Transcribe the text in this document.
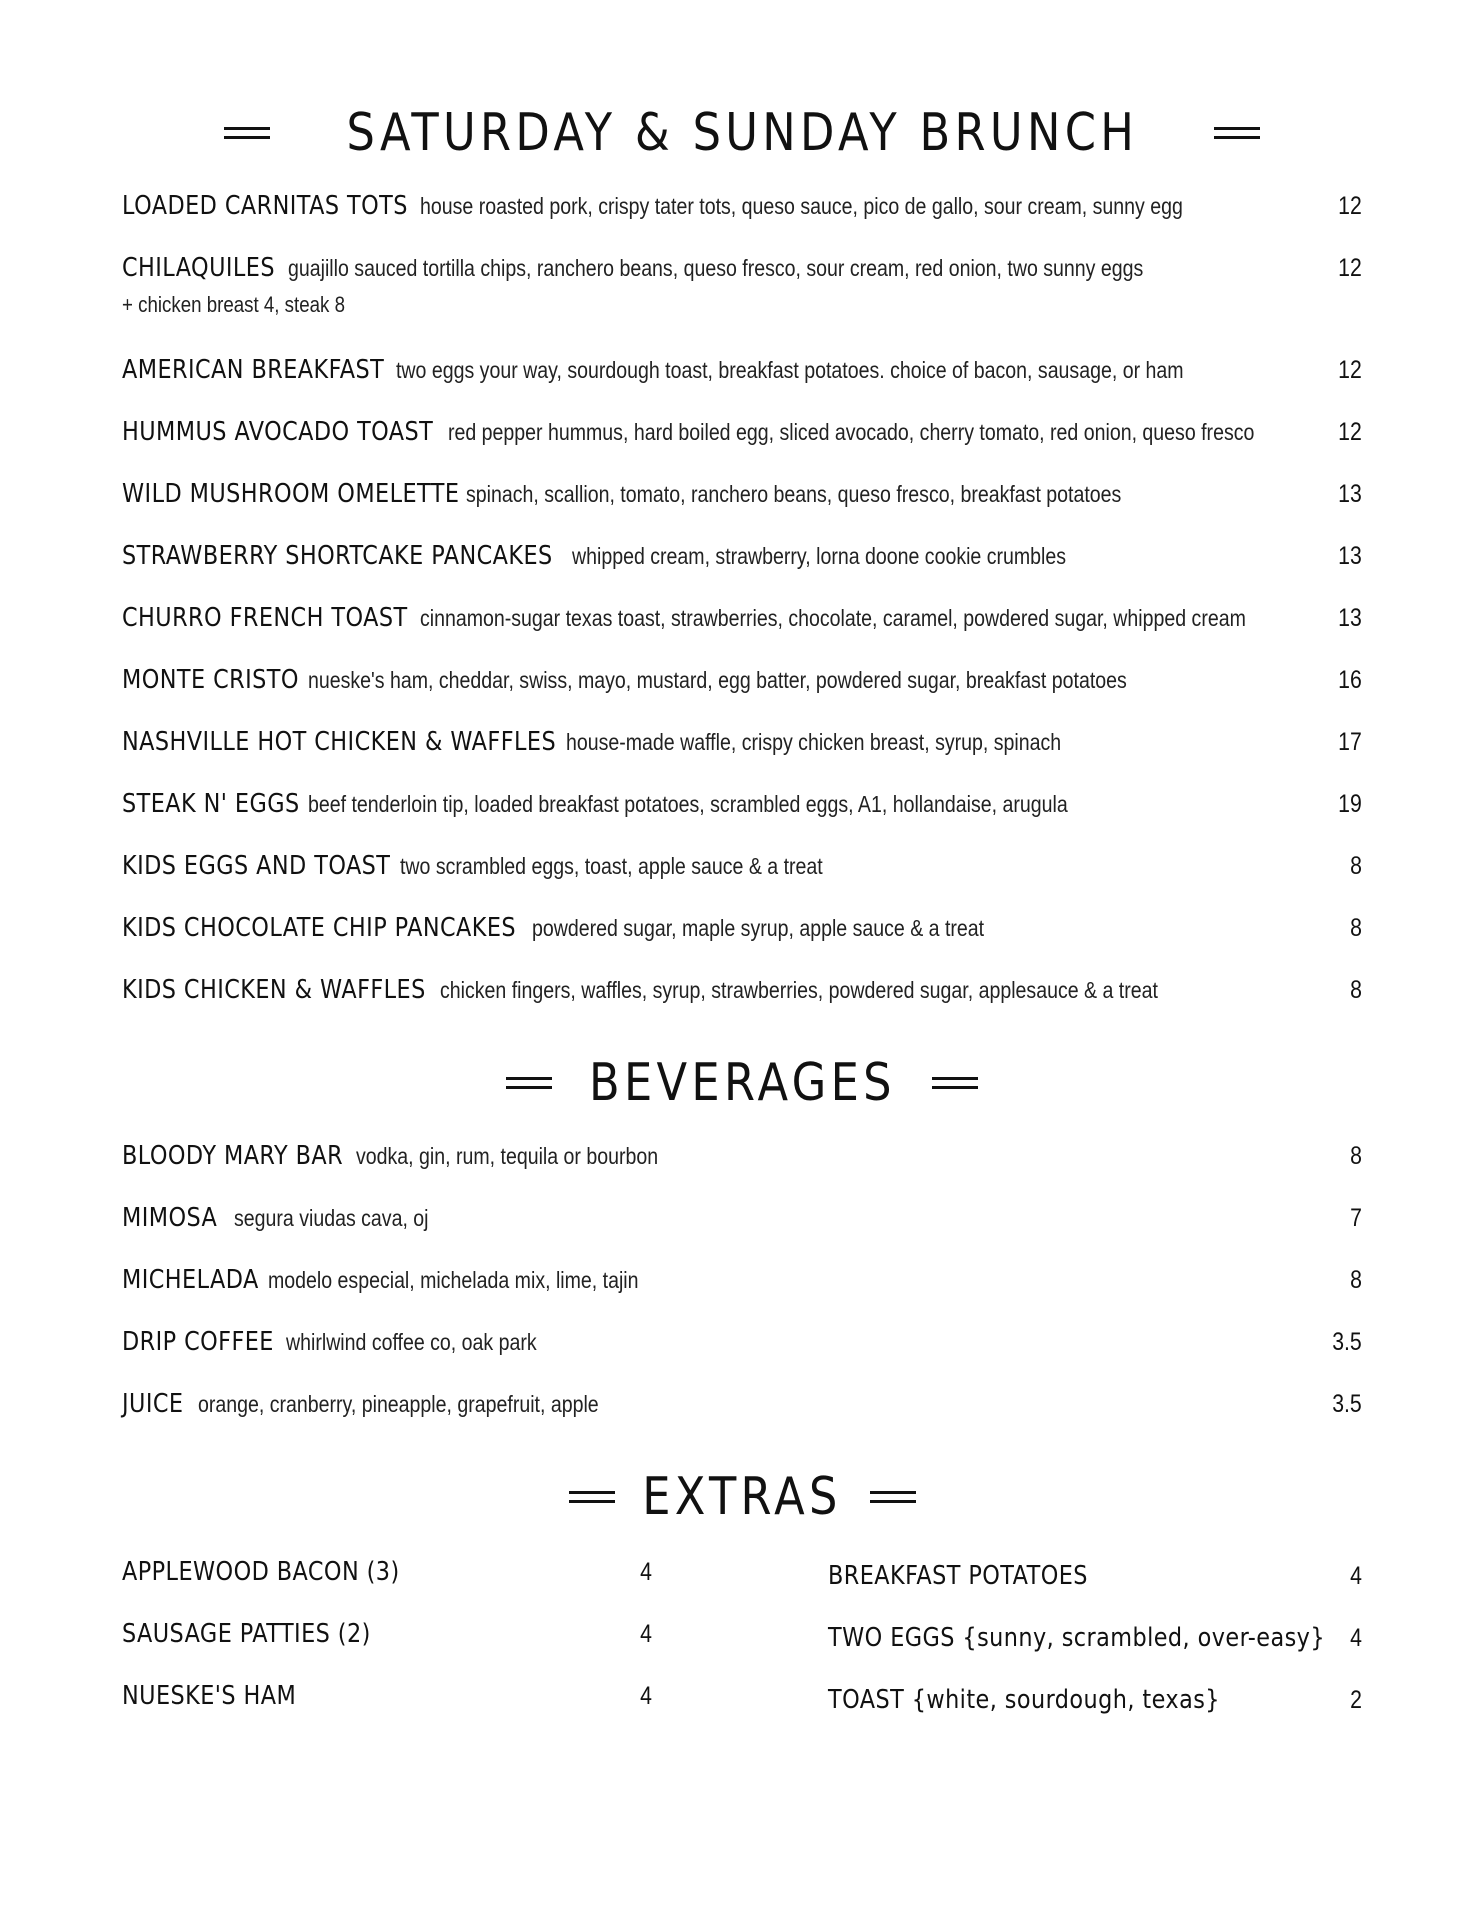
SATURDAY & SUNDAY BRUNCH
LOADED CARNITAS TOTS house roasted pork, crispy tater tots, queso sauce, pico de gallo, sour cream, sunny egg	12
CHILAQUILES guajillo sauced tortilla chips, ranchero beans, queso fresco, sour cream, red onion, two sunny eggs	12
+ chicken breast 4, steak 8
AMERICAN BREAKFAST two eggs your way, sourdough toast, breakfast potatoes. choice of bacon, sausage, or ham	12
HUMMUS AVOCADO TOAST red pepper hummus, hard boiled egg, sliced avocado, cherry tomato, red onion, queso fresco	12
WILD MUSHROOM OMELETTE spinach, scallion, tomato, ranchero beans, queso fresco, breakfast potatoes	13
STRAWBERRY SHORTCAKE PANCAKES whipped cream, strawberry, lorna doone cookie crumbles	13
CHURRO FRENCH TOAST cinnamon-sugar texas toast, strawberries, chocolate, caramel, powdered sugar, whipped cream	13
MONTE CRISTO nueske's ham, cheddar, swiss, mayo, mustard, egg batter, powdered sugar, breakfast potatoes	16
NASHVILLE HOT CHICKEN & WAFFLES house-made waffle, crispy chicken breast, syrup, spinach	17
STEAK N' EGGS beef tenderloin tip, loaded breakfast potatoes, scrambled eggs, A1, hollandaise, arugula	19
KIDS EGGS AND TOAST two scrambled eggs, toast, apple sauce & a treat	8
KIDS CHOCOLATE CHIP PANCAKES powdered sugar, maple syrup, apple sauce & a treat	8
KIDS CHICKEN & WAFFLES chicken fingers, waffles, syrup, strawberries, powdered sugar, applesauce & a treat	8
BEVERAGES
BLOODY MARY BAR vodka, gin, rum, tequila or bourbon	8
MIMOSA segura viudas cava, oj	7
MICHELADA modelo especial, michelada mix, lime, tajin	8
DRIP COFFEE whirlwind coffee co, oak park	3.5
JUICE orange, cranberry, pineapple, grapefruit, apple	3.5
EXTRAS
APPLEWOOD BACON (3)	4
SAUSAGE PATTIES (2)	4
NUESKE'S HAM	4
BREAKFAST POTATOES	4
TWO EGGS {sunny, scrambled, over-easy} 4
TOAST {white, sourdough, texas}	2
